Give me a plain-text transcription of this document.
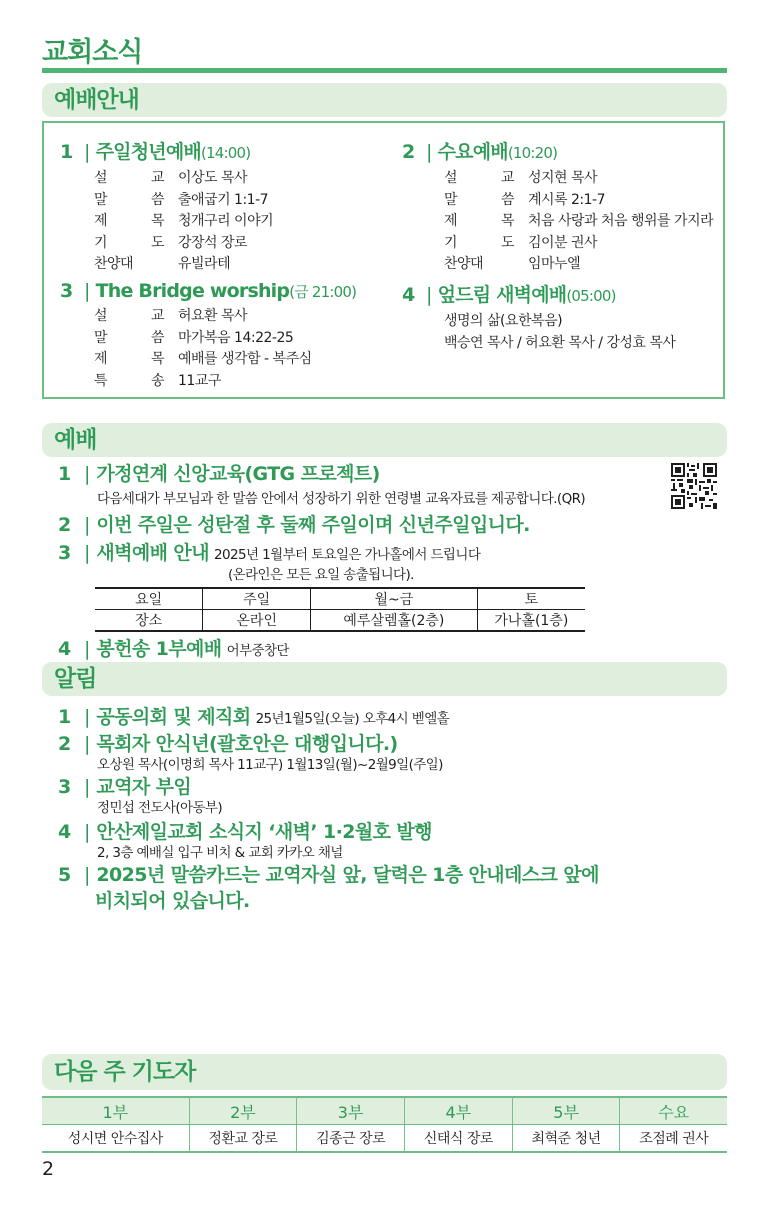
교회소식
예배안내
1 | 주일청년예배(14:00)
설 교 이상도 목사
말 씀 출애굽기 1:1-7
제 목 청개구리 이야기
기 도 강장석 장로
찬양대	유빌라테
2 | 수요예배(10:20)
설 교 성지현 목사
말 씀 계시록 2:1-7
제 목 처음 사랑과 처음 행위를 가지라
기 도 김이분 권사
찬양대	임마누엘
3 | The Bridge worship(금 21:00)
설 교 허요환 목사
말 씀 마가복음 14:22-25
제 목 예배를 생각함 - 복주심
특 송 11교구
4 | 엎드림 새벽예배(05:00)
생명의 삶(요한복음)
백승연 목사 / 허요환 목사 / 강성효 목사
예배
1 | 가정연계 신앙교육(GTG 프로젝트)
다음세대가 부모님과 한 말씀 안에서 성장하기 위한 연령별 교육자료를 제공합니다.(QR)
2 | 이번 주일은 성탄절 후 둘째 주일이며 신년주일입니다.
3 | 새벽예배 안내 2025년 1월부터 토요일은 가나홀에서 드립니다
(온라인은 모든 요일 송출됩니다).
요일	주일	월~금	토
장소	온라인	예루살렘홀(2층)	가나홀(1층)
4 | 봉헌송 1부예배 어부중창단
알림
1 | 공동의회 및 제직회 25년1월5일(오늘) 오후4시 벧엘홀
2 | 목회자 안식년(괄호안은 대행입니다.)
오상원 목사(이명희 목사 11교구) 1월13일(월)~2월9일(주일)
3 | 교역자 부임
정민섭 전도사(아동부)
4 | 안산제일교회 소식지 ‘새벽’ 1·2월호 발행
2, 3층 예배실 입구 비치 & 교회 카카오 채널
5 | 2025년 말씀카드는 교역자실 앞, 달력은 1층 안내데스크 앞에
비치되어 있습니다.
다음 주 기도자
1부	2부	3부	4부	5부	수요
성시면 안수집사	정환교 장로	김종근 장로	신태식 장로	최혁준 청년	조점례 권사
2
